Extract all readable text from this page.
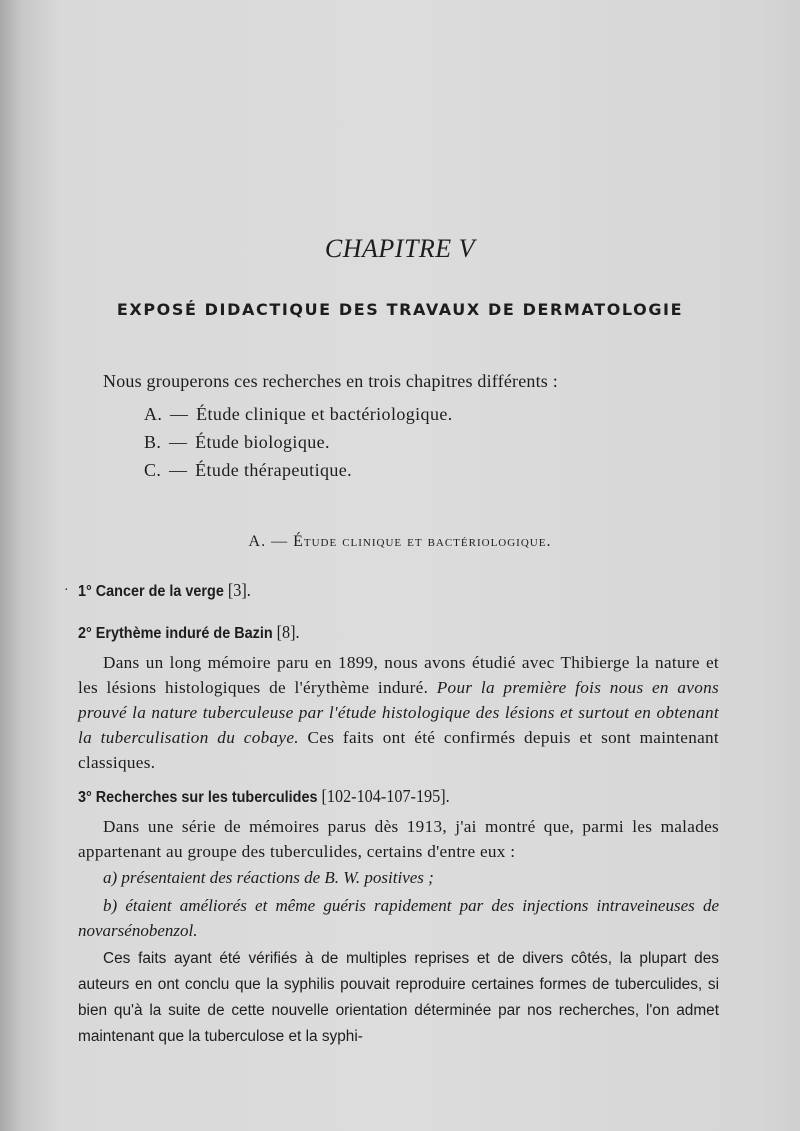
CHAPITRE V
EXPOSÉ DIDACTIQUE DES TRAVAUX DE DERMATOLOGIE
Nous grouperons ces recherches en trois chapitres différents :
A. — Étude clinique et bactériologique.
B. — Étude biologique.
C. — Étude thérapeutique.
A. — Étude clinique et bactériologique.
· 1° Cancer de la verge [3].
2° Erythème induré de Bazin [8].
Dans un long mémoire paru en 1899, nous avons étudié avec Thibierge la nature et les lésions histologiques de l'érythème induré. Pour la première fois nous en avons prouvé la nature tuberculeuse par l'étude histologique des lésions et surtout en obtenant la tuberculisation du cobaye. Ces faits ont été confirmés depuis et sont maintenant classiques.
3° Recherches sur les tuberculides [102-104-107-195].
Dans une série de mémoires parus dès 1913, j'ai montré que, parmi les malades appartenant au groupe des tuberculides, certains d'entre eux :
a) présentaient des réactions de B. W. positives ;
b) étaient améliorés et même guéris rapidement par des injections intraveineuses de novarsénobenzol.
Ces faits ayant été vérifiés à de multiples reprises et de divers côtés, la plupart des auteurs en ont conclu que la syphilis pouvait reproduire certaines formes de tuberculides, si bien qu'à la suite de cette nouvelle orientation déterminée par nos recherches, l'on admet maintenant que la tuberculose et la syphi-
